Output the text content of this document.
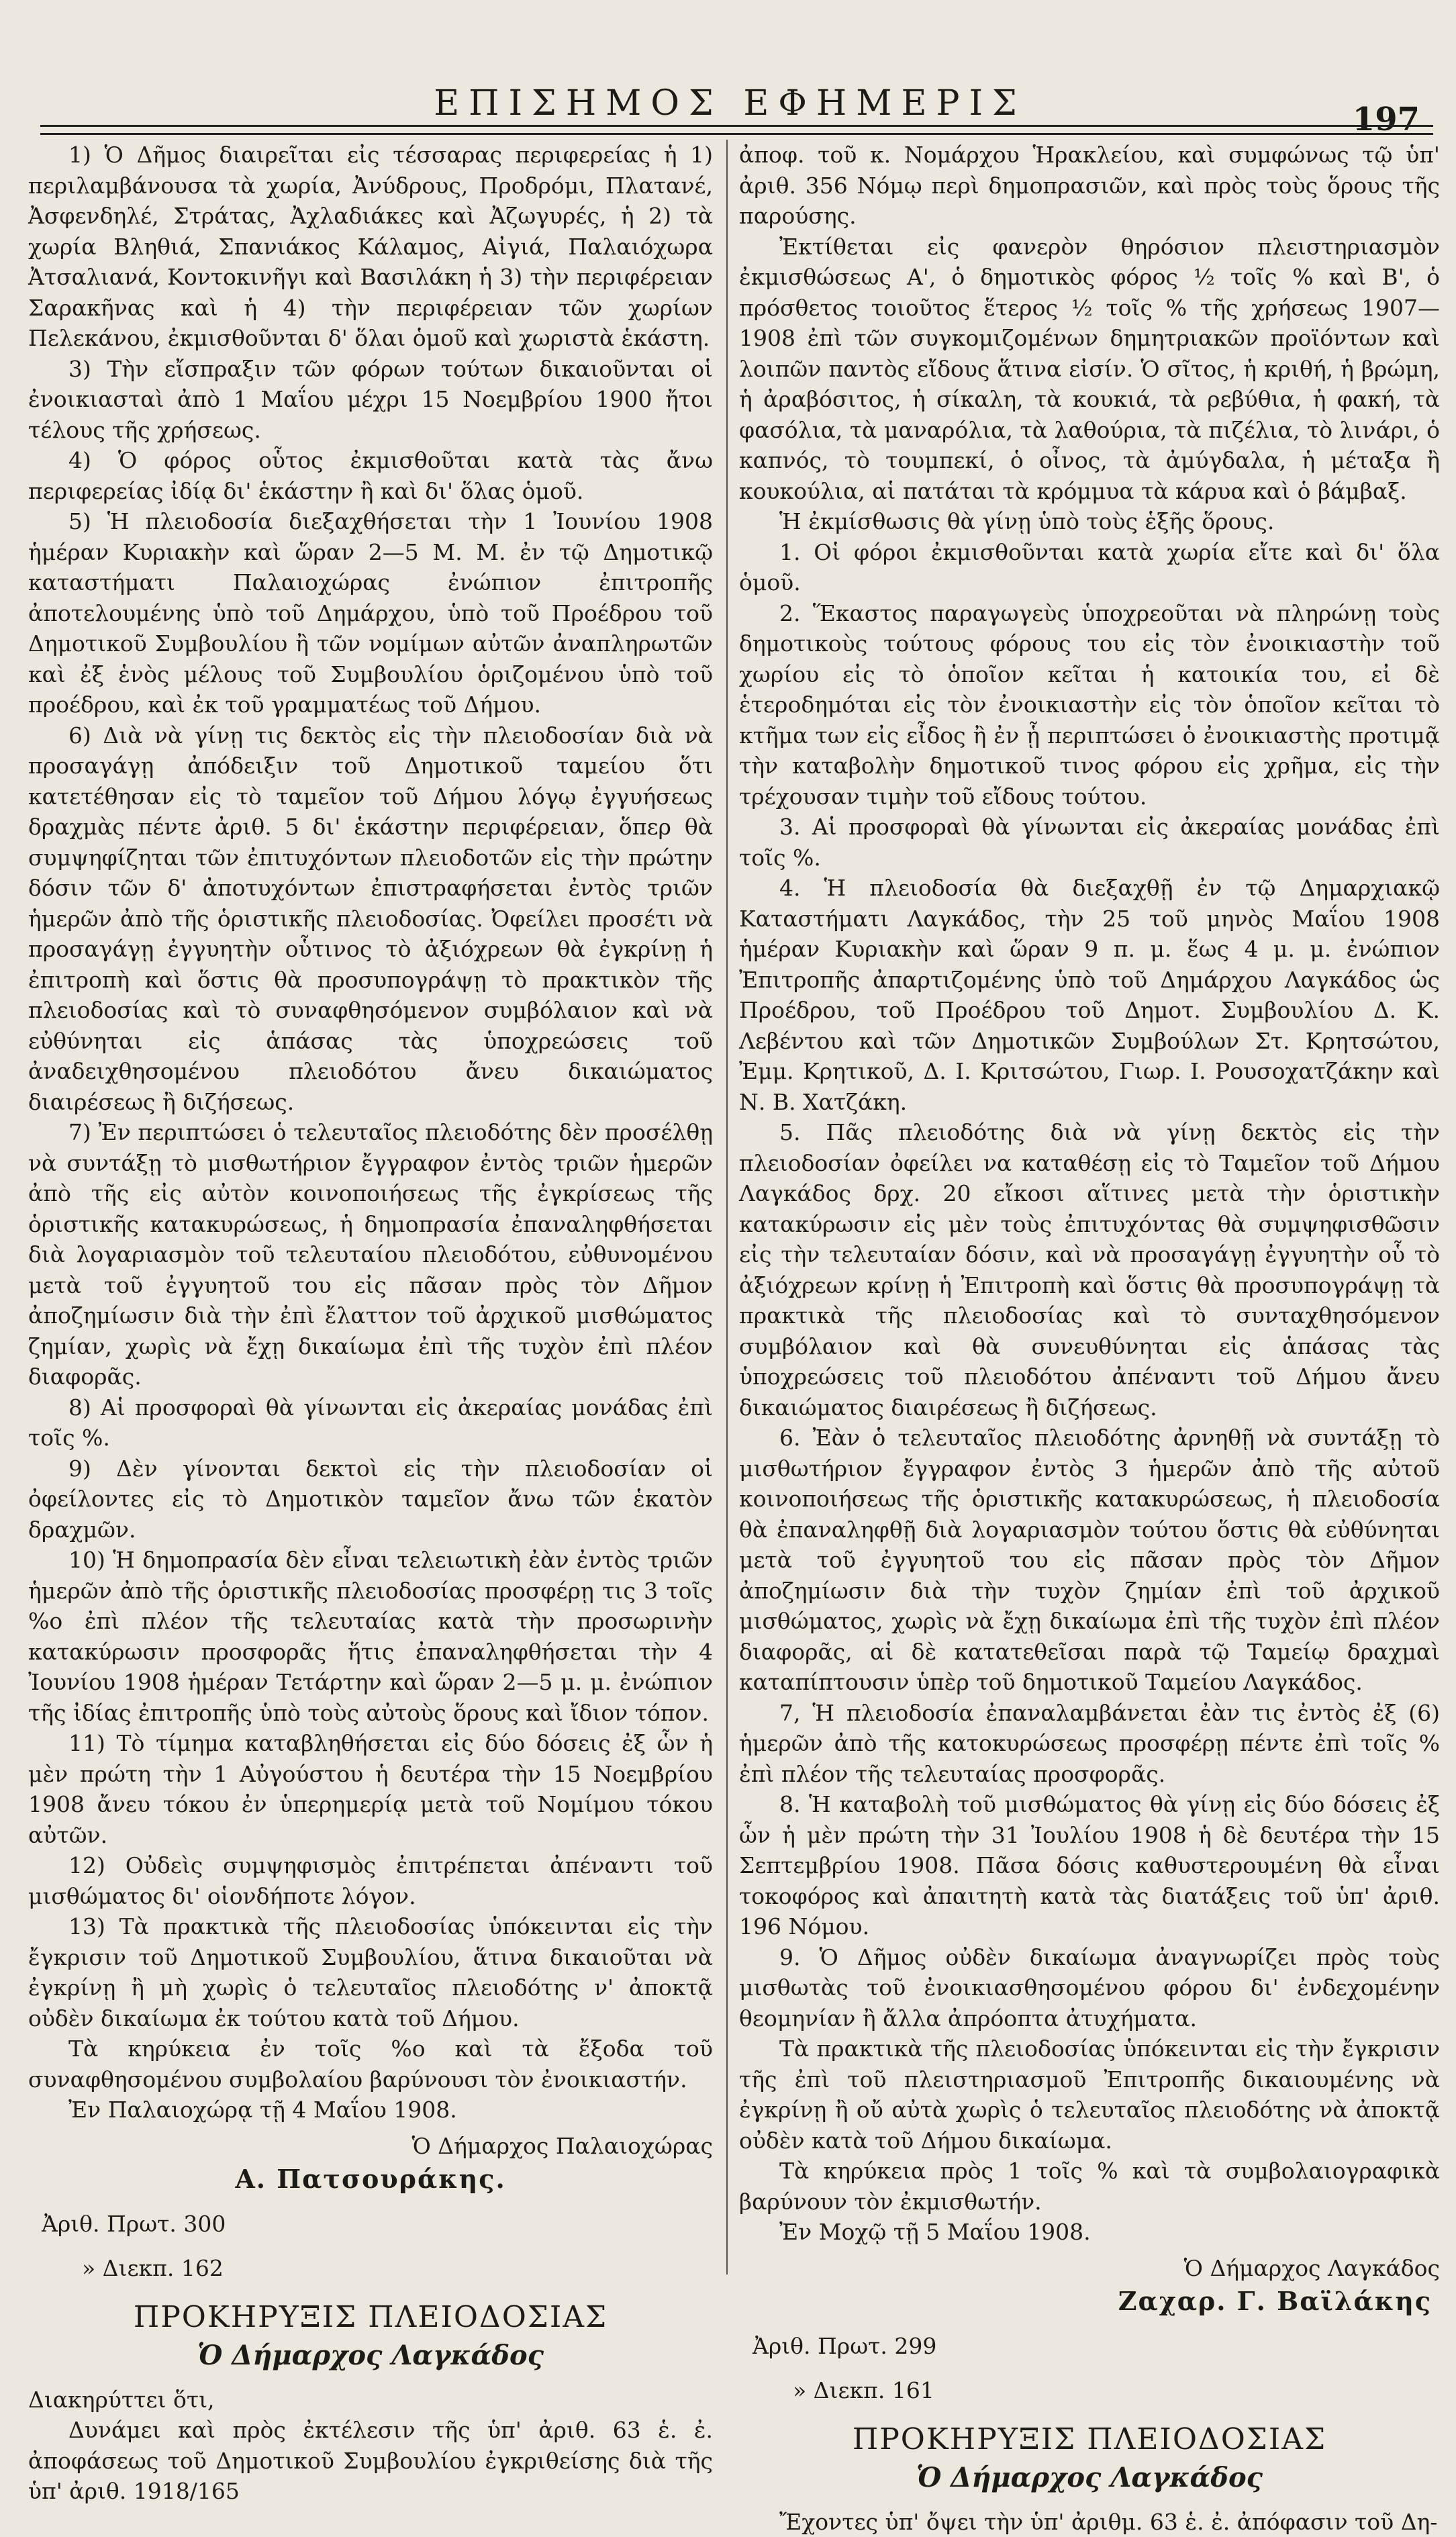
ΕΠΙΣΗΜΟΣ ΕΦΗΜΕΡΙΣ	197

1) Ὁ Δῆμος διαιρεῖται εἰς τέσσαρας περιφερείας ἡ 1) περιλαμβάνουσα τὰ χωρία, Ἀνύδρους, Προδρόμι, Πλατανέ, Ἀσφενδηλέ, Στράτας, Ἀχλαδιάκες καὶ Ἀζωγυρές, ἡ 2) τὰ χωρία Βληθιά, Σπανιάκος Κάλαμος, Αἰγιά, Παλαιόχωρα Ἀτσαλιανά, Κοντοκινῆγι καὶ Βασιλάκη ἡ 3) τὴν περιφέρειαν Σαρακῆνας καὶ ἡ 4) τὴν περιφέρειαν τῶν χωρίων Πελεκάνου, ἐκμισθοῦνται δ' ὅλαι ὁμοῦ καὶ χωριστὰ ἑκάστη.

3) Τὴν εἴσπραξιν τῶν φόρων τούτων δικαιοῦνται οἱ ἐνοικιασταὶ ἀπὸ 1 Μαΐου μέχρι 15 Νοεμβρίου 1900 ἤτοι τέλους τῆς χρήσεως.

4) Ὁ φόρος οὗτος ἐκμισθοῦται κατὰ τὰς ἄνω περιφερείας ἰδίᾳ δι' ἑκάστην ἢ καὶ δι' ὅλας ὁμοῦ.

5) Ἡ πλειοδοσία διεξαχθήσεται τὴν 1 Ἰουνίου 1908 ἡμέραν Κυριακὴν καὶ ὥραν 2—5 Μ. Μ. ἐν τῷ Δημοτικῷ καταστήματι Παλαιοχώρας ἐνώπιον ἐπιτροπῆς ἀποτελουμένης ὑπὸ τοῦ Δημάρχου, ὑπὸ τοῦ Προέδρου τοῦ Δημοτικοῦ Συμβουλίου ἢ τῶν νομίμων αὐτῶν ἀναπληρωτῶν καὶ ἐξ ἑνὸς μέλους τοῦ Συμβουλίου ὁριζομένου ὑπὸ τοῦ προέδρου, καὶ ἐκ τοῦ γραμματέως τοῦ Δήμου.

6) Διὰ νὰ γίνῃ τις δεκτὸς εἰς τὴν πλειοδοσίαν διὰ νὰ προσαγάγῃ ἀπόδειξιν τοῦ Δημοτικοῦ ταμείου ὅτι κατετέθησαν εἰς τὸ ταμεῖον τοῦ Δήμου λόγῳ ἐγγυήσεως δραχμὰς πέντε ἀριθ. 5 δι' ἑκάστην περιφέρειαν, ὅπερ θὰ συμψηφίζηται τῶν ἐπιτυχόντων πλειοδοτῶν εἰς τὴν πρώτην δόσιν τῶν δ' ἀποτυχόντων ἐπιστραφήσεται ἐντὸς τριῶν ἡμερῶν ἀπὸ τῆς ὁριστικῆς πλειοδοσίας. Ὀφείλει προσέτι νὰ προσαγάγῃ ἐγγυητὴν οὗτινος τὸ ἀξιόχρεων θὰ ἐγκρίνῃ ἡ ἐπιτροπὴ καὶ ὅστις θὰ προσυπογράψῃ τὸ πρακτικὸν τῆς πλειοδοσίας καὶ τὸ συναφθησόμενον συμβόλαιον καὶ νὰ εὐθύνηται εἰς ἁπάσας τὰς ὑποχρεώσεις τοῦ ἀναδειχθησομένου πλειοδότου ἄνευ δικαιώματος διαιρέσεως ἢ διζήσεως.

7) Ἐν περιπτώσει ὁ τελευταῖος πλειοδότης δὲν προσέλθῃ νὰ συντάξῃ τὸ μισθωτήριον ἔγγραφον ἐντὸς τριῶν ἡμερῶν ἀπὸ τῆς εἰς αὐτὸν κοινοποιήσεως τῆς ἐγκρίσεως τῆς ὁριστικῆς κατακυρώσεως, ἡ δημοπρασία ἐπαναληφθήσεται διὰ λογαριασμὸν τοῦ τελευταίου πλειοδότου, εὐθυνομένου μετὰ τοῦ ἐγγυητοῦ του εἰς πᾶσαν πρὸς τὸν Δῆμον ἀποζημίωσιν διὰ τὴν ἐπὶ ἔλαττον τοῦ ἀρχικοῦ μισθώματος ζημίαν, χωρὶς νὰ ἔχῃ δικαίωμα ἐπὶ τῆς τυχὸν ἐπὶ πλέον διαφορᾶς.

8) Αἱ προσφοραὶ θὰ γίνωνται εἰς ἀκεραίας μονάδας ἐπὶ τοῖς %.

9) Δὲν γίνονται δεκτοὶ εἰς τὴν πλειοδοσίαν οἱ ὀφείλοντες εἰς τὸ Δημοτικὸν ταμεῖον ἄνω τῶν ἑκατὸν δραχμῶν.

10) Ἡ δημοπρασία δὲν εἶναι τελειωτικὴ ἐὰν ἐντὸς τριῶν ἡμερῶν ἀπὸ τῆς ὁριστικῆς πλειοδοσίας προσφέρῃ τις 3 τοῖς %ο ἐπὶ πλέον τῆς τελευταίας κατὰ τὴν προσωρινὴν κατακύρωσιν προσφορᾶς ἥτις ἐπαναληφθήσεται τὴν 4 Ἰουνίου 1908 ἡμέραν Τετάρτην καὶ ὥραν 2—5 μ. μ. ἐνώπιον τῆς ἰδίας ἐπιτροπῆς ὑπὸ τοὺς αὐτοὺς ὅρους καὶ ἴδιον τόπον.

11) Τὸ τίμημα καταβληθήσεται εἰς δύο δόσεις ἐξ ὧν ἡ μὲν πρώτη τὴν 1 Αὐγούστου ἡ δευτέρα τὴν 15 Νοεμβρίου 1908 ἄνευ τόκου ἐν ὑπερημερίᾳ μετὰ τοῦ Νομίμου τόκου αὐτῶν.

12) Οὐδεὶς συμψηφισμὸς ἐπιτρέπεται ἀπέναντι τοῦ μισθώματος δι' οἱονδήποτε λόγον.

13) Τὰ πρακτικὰ τῆς πλειοδοσίας ὑπόκεινται εἰς τὴν ἔγκρισιν τοῦ Δημοτικοῦ Συμβουλίου, ἅτινα δικαιοῦται νὰ ἐγκρίνῃ ἢ μὴ χωρὶς ὁ τελευταῖος πλειοδότης ν' ἀποκτᾷ οὐδὲν δικαίωμα ἐκ τούτου κατὰ τοῦ Δήμου.

Τὰ κηρύκεια ἐν τοῖς %ο καὶ τὰ ἔξοδα τοῦ συναφθησομένου συμβολαίου βαρύνουσι τὸν ἐνοικιαστήν.

Ἐν Παλαιοχώρᾳ τῇ 4 Μαΐου 1908.

Ὁ Δήμαρχος Παλαιοχώρας
Α. Πατσουράκης.
Ἀριθ. Πρωτ. 300
» Διεκπ. 162
ΠΡΟΚΗΡΥΞΙΣ ΠΛΕΙΟΔΟΣΙΑΣ
Ὁ Δήμαρχος Λαγκάδος

Διακηρύττει ὅτι,

Δυνάμει καὶ πρὸς ἐκτέλεσιν τῆς ὑπ' ἀριθ. 63 ἑ. ἐ. ἀποφάσεως τοῦ Δημοτικοῦ Συμβουλίου ἐγκριθείσης διὰ τῆς ὑπ' ἀριθ. 1918/165

ἀποφ. τοῦ κ. Νομάρχου Ἡρακλείου, καὶ συμφώνως τῷ ὑπ' ἀριθ. 356 Νόμῳ περὶ δημοπρασιῶν, καὶ πρὸς τοὺς ὅρους τῆς παρούσης.

Ἐκτίθεται εἰς φανερὸν θηρόσιον πλειστηριασμὸν ἐκμισθώσεως Α', ὁ δημοτικὸς φόρος ½ τοῖς % καὶ Β', ὁ πρόσθετος τοιοῦτος ἕτερος ½ τοῖς % τῆς χρήσεως 1907—1908 ἐπὶ τῶν συγκομιζομένων δημητριακῶν προϊόντων καὶ λοιπῶν παντὸς εἴδους ἅτινα εἰσίν. Ὁ σῖτος, ἡ κριθή, ἡ βρώμη, ἡ ἀραβόσιτος, ἡ σίκαλη, τὰ κουκιά, τὰ ρεβύθια, ἡ φακή, τὰ φασόλια, τὰ μαναρόλια, τὰ λαθούρια, τὰ πιζέλια, τὸ λινάρι, ὁ καπνός, τὸ τουμπεκί, ὁ οἶνος, τὰ ἀμύγδαλα, ἡ μέταξα ἢ κουκούλια, αἱ πατάται τὰ κρόμμυα τὰ κάρυα καὶ ὁ βάμβαξ.

Ἡ ἐκμίσθωσις θὰ γίνῃ ὑπὸ τοὺς ἑξῆς ὅρους.

1. Οἱ φόροι ἐκμισθοῦνται κατὰ χωρία εἴτε καὶ δι' ὅλα ὁμοῦ.

2. Ἕκαστος παραγωγεὺς ὑποχρεοῦται νὰ πληρώνῃ τοὺς δημοτικοὺς τούτους φόρους του εἰς τὸν ἐνοικιαστὴν τοῦ χωρίου εἰς τὸ ὁποῖον κεῖται ἡ κατοικία του, εἰ δὲ ἑτεροδημόται εἰς τὸν ἐνοικιαστὴν εἰς τὸν ὁποῖον κεῖται τὸ κτῆμα των εἰς εἶδος ἢ ἐν ᾗ περιπτώσει ὁ ἐνοικιαστὴς προτιμᾷ τὴν καταβολὴν δημοτικοῦ τινος φόρου εἰς χρῆμα, εἰς τὴν τρέχουσαν τιμὴν τοῦ εἴδους τούτου.

3. Αἱ προσφοραὶ θὰ γίνωνται εἰς ἀκεραίας μονάδας ἐπὶ τοῖς %.

4. Ἡ πλειοδοσία θὰ διεξαχθῇ ἐν τῷ Δημαρχιακῷ Καταστήματι Λαγκάδος, τὴν 25 τοῦ μηνὸς Μαΐου 1908 ἡμέραν Κυριακὴν καὶ ὥραν 9 π. μ. ἕως 4 μ. μ. ἐνώπιον Ἐπιτροπῆς ἀπαρτιζομένης ὑπὸ τοῦ Δημάρχου Λαγκάδος ὡς Προέδρου, τοῦ Προέδρου τοῦ Δημοτ. Συμβουλίου Δ. Κ. Λεβέντου καὶ τῶν Δημοτικῶν Συμβούλων Στ. Κρητσώτου, Ἐμμ. Κρητικοῦ, Δ. Ι. Κριτσώτου, Γιωρ. Ι. Ρουσοχατζάκην καὶ Ν. Β. Χατζάκη.

5. Πᾶς πλειοδότης διὰ νὰ γίνῃ δεκτὸς εἰς τὴν πλειοδοσίαν ὀφείλει να καταθέσῃ εἰς τὸ Ταμεῖον τοῦ Δήμου Λαγκάδος δρχ. 20 εἴκοσι αἵτινες μετὰ τὴν ὁριστικὴν κατακύρωσιν εἰς μὲν τοὺς ἐπιτυχόντας θὰ συμψηφισθῶσιν εἰς τὴν τελευταίαν δόσιν, καὶ νὰ προσαγάγῃ ἐγγυητὴν οὗ τὸ ἀξιόχρεων κρίνῃ ἡ Ἐπιτροπὴ καὶ ὅστις θὰ προσυπογράψῃ τὰ πρακτικὰ τῆς πλειοδοσίας καὶ τὸ συνταχθησόμενον συμβόλαιον καὶ θὰ συνευθύνηται εἰς ἁπάσας τὰς ὑποχρεώσεις τοῦ πλειοδότου ἀπέναντι τοῦ Δήμου ἄνευ δικαιώματος διαιρέσεως ἢ διζήσεως.

6. Ἐὰν ὁ τελευταῖος πλειοδότης ἀρνηθῇ νὰ συντάξῃ τὸ μισθωτήριον ἔγγραφον ἐντὸς 3 ἡμερῶν ἀπὸ τῆς αὐτοῦ κοινοποιήσεως τῆς ὁριστικῆς κατακυρώσεως, ἡ πλειοδοσία θὰ ἐπαναληφθῇ διὰ λογαριασμὸν τούτου ὅστις θὰ εὐθύνηται μετὰ τοῦ ἐγγυητοῦ του εἰς πᾶσαν πρὸς τὸν Δῆμον ἀποζημίωσιν διὰ τὴν τυχὸν ζημίαν ἐπὶ τοῦ ἀρχικοῦ μισθώματος, χωρὶς νὰ ἔχῃ δικαίωμα ἐπὶ τῆς τυχὸν ἐπὶ πλέον διαφορᾶς, αἱ δὲ κατατεθεῖσαι παρὰ τῷ Ταμείῳ δραχμαὶ καταπίπτουσιν ὑπὲρ τοῦ δημοτικοῦ Ταμείου Λαγκάδος.

7, Ἡ πλειοδοσία ἐπαναλαμβάνεται ἐὰν τις ἐντὸς ἐξ (6) ἡμερῶν ἀπὸ τῆς κατοκυρώσεως προσφέρῃ πέντε ἐπὶ τοῖς % ἐπὶ πλέον τῆς τελευταίας προσφορᾶς.

8. Ἡ καταβολὴ τοῦ μισθώματος θὰ γίνῃ εἰς δύο δόσεις ἐξ ὧν ἡ μὲν πρώτη τὴν 31 Ἰουλίου 1908 ἡ δὲ δευτέρα τὴν 15 Σεπτεμβρίου 1908. Πᾶσα δόσις καθυστερουμένη θὰ εἶναι τοκοφόρος καὶ ἀπαιτητὴ κατὰ τὰς διατάξεις τοῦ ὑπ' ἀριθ. 196 Νόμου.

9. Ὁ Δῆμος οὐδὲν δικαίωμα ἀναγνωρίζει πρὸς τοὺς μισθωτὰς τοῦ ἐνοικιασθησομένου φόρου δι' ἐνδεχομένην θεομηνίαν ἢ ἄλλα ἀπρόοπτα ἀτυχήματα.

Τὰ πρακτικὰ τῆς πλειοδοσίας ὑπόκεινται εἰς τὴν ἔγκρισιν τῆς ἐπὶ τοῦ πλειστηριασμοῦ Ἐπιτροπῆς δικαιουμένης νὰ ἐγκρίνῃ ἢ οὔ αὐτὰ χωρὶς ὁ τελευταῖος πλειοδότης νὰ ἀποκτᾷ οὐδὲν κατὰ τοῦ Δήμου δικαίωμα.

Τὰ κηρύκεια πρὸς 1 τοῖς % καὶ τὰ συμβολαιογραφικὰ βαρύνουν τὸν ἐκμισθωτήν.

Ἐν Μοχῷ τῇ 5 Μαΐου 1908.

Ὁ Δήμαρχος Λαγκάδος
Ζαχαρ. Γ. Βαϊλάκης
Ἀριθ. Πρωτ. 299
» Διεκπ. 161
ΠΡΟΚΗΡΥΞΙΣ ΠΛΕΙΟΔΟΣΙΑΣ
Ὁ Δήμαρχος Λαγκάδος

Ἔχοντες ὑπ' ὄψει τὴν ὑπ' ἀριθμ. 63 ἑ. ἐ. ἀπόφασιν τοῦ Δη-
